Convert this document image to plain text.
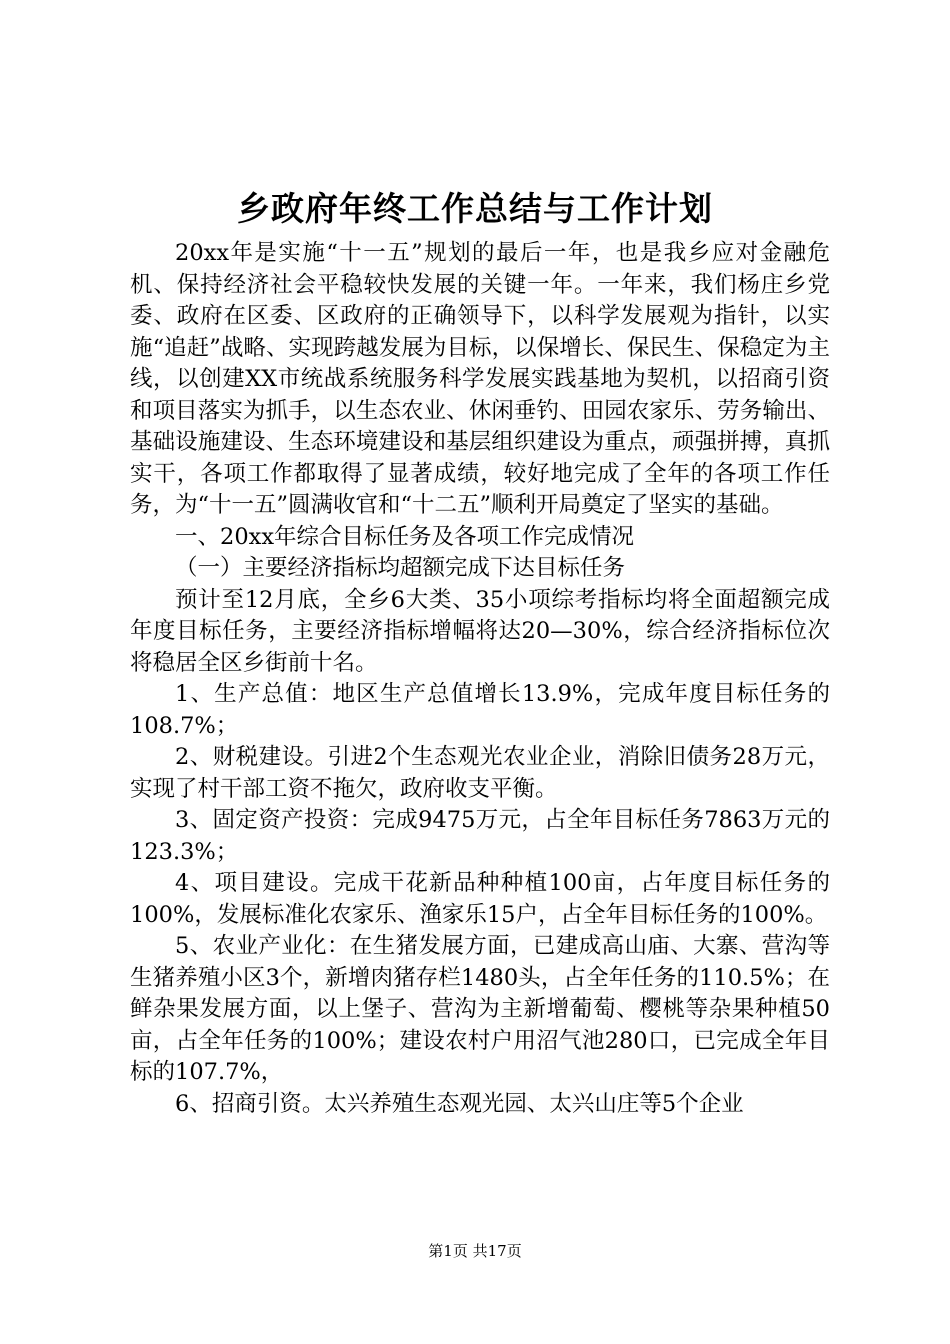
乡政府年终工作总结与工作计划

20xx年是实施“十一五”规划的最后一年，也是我乡应对金融危机、保持经济社会平稳较快发展的关键一年。一年来，我们杨庄乡党委、政府在区委、区政府的正确领导下，以科学发展观为指针，以实施“追赶”战略、实现跨越发展为目标，以保增长、保民生、保稳定为主线，以创建XX市统战系统服务科学发展实践基地为契机，以招商引资和项目落实为抓手，以生态农业、休闲垂钓、田园农家乐、劳务输出、基础设施建设、生态环境建设和基层组织建设为重点，顽强拼搏，真抓实干，各项工作都取得了显著成绩，较好地完成了全年的各项工作任务，为“十一五”圆满收官和“十二五”顺利开局奠定了坚实的基础。

一、20xx年综合目标任务及各项工作完成情况

（一）主要经济指标均超额完成下达目标任务

预计至12月底，全乡6大类、35小项综考指标均将全面超额完成年度目标任务，主要经济指标增幅将达20—30%，综合经济指标位次将稳居全区乡街前十名。

1、生产总值：地区生产总值增长13.9%，完成年度目标任务的108.7%；

2、财税建设。引进2个生态观光农业企业，消除旧债务28万元，实现了村干部工资不拖欠，政府收支平衡。

3、固定资产投资：完成9475万元，占全年目标任务7863万元的123.3%；

4、项目建设。完成干花新品种种植100亩，占年度目标任务的100%，发展标准化农家乐、渔家乐15户，占全年目标任务的100%。

5、农业产业化：在生猪发展方面，已建成高山庙、大寨、营沟等生猪养殖小区3个，新增肉猪存栏1480头，占全年任务的110.5%；在鲜杂果发展方面，以上堡子、营沟为主新增葡萄、樱桃等杂果种植50亩，占全年任务的100%；建设农村户用沼气池280口，已完成全年目标的107.7%，

6、招商引资。太兴养殖生态观光园、太兴山庄等5个企业

第1页 共17页
